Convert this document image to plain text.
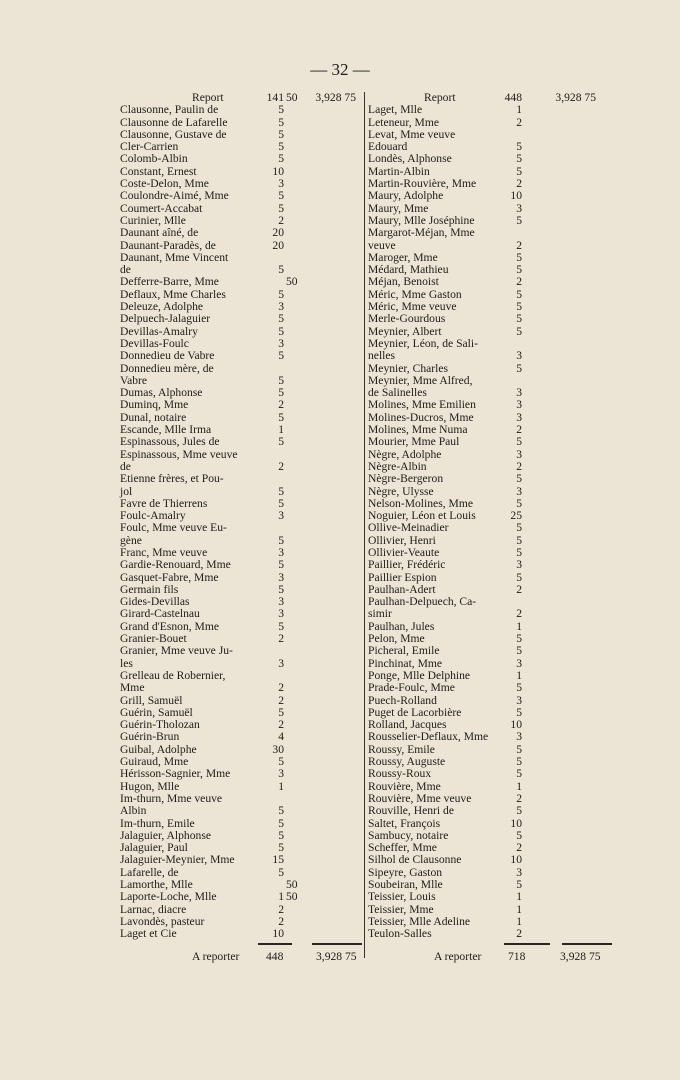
— 32 —
Report	141 50	3,928 75
Clausonne, Paulin de	5
Clausonne de Lafarelle	5
Clausonne, Gustave de	5
Cler-Carrien	5
Colomb-Albin	5
Constant, Ernest	10
Coste-Delon, Mme	3
Coulondre-Aimé, Mme	5
Coumert-Accabat	5
Curinier, Mlle	2
Daunant aîné, de	20
Daunant-Paradès, de	20
Daunant, Mme Vincent
de	5
Defferre-Barre, Mme	50
Deflaux, Mme Charles	5
Deleuze, Adolphe	3
Delpuech-Jalaguier	5
Devillas-Amalry	5
Devillas-Foulc	3
Donnedieu de Vabre	5
Donnedieu mère, de
Vabre	5
Dumas, Alphonse	5
Duminq, Mme	2
Dunal, notaire	5
Escande, Mlle Irma	1
Espinassous, Jules de	5
Espinassous, Mme veuve
de	2
Etienne frères, et Pou-
jol	5
Favre de Thierrens	5
Foulc-Amalry	3
Foulc, Mme veuve Eu-
gène	5
Franc, Mme veuve	3
Gardie-Renouard, Mme	5
Gasquet-Fabre, Mme	3
Germain fils	5
Gides-Devillas	3
Girard-Castelnau	3
Grand d'Esnon, Mme	5
Granier-Bouet	2
Granier, Mme veuve Ju-
les	3
Grelleau de Robernier,
Mme	2
Grill, Samuël	2
Guérin, Samuël	5
Guérin-Tholozan	2
Guérin-Brun	4
Guibal, Adolphe	30
Guiraud, Mme	5
Hérisson-Sagnier, Mme	3
Hugon, Mlle	1
Im-thurn, Mme veuve
Albin	5
Im-thurn, Emile	5
Jalaguier, Alphonse	5
Jalaguier, Paul	5
Jalaguier-Meynier, Mme	15
Lafarelle, de	5
Lamorthe, Mlle	50
Laporte-Loche, Mlle	1 50
Larnac, diacre	2
Lavondès, pasteur	2
Laget et Cie	10
Report	448	3,928 75
Laget, Mlle	1
Leteneur, Mme	2
Levat, Mme veuve
Edouard	5
Londès, Alphonse	5
Martin-Albin	5
Martin-Rouvière, Mme	2
Maury, Adolphe	10
Maury, Mme	3
Maury, Mlle Joséphine	5
Margarot-Méjan, Mme
veuve	2
Maroger, Mme	5
Médard, Mathieu	5
Méjan, Benoist	2
Méric, Mme Gaston	5
Méric, Mme veuve	5
Merle-Gourdous	5
Meynier, Albert	5
Meynier, Léon, de Sali-
nelles	3
Meynier, Charles	5
Meynier, Mme Alfred,
de Salinelles	3
Molines, Mme Emilien	3
Molines-Ducros, Mme	3
Molines, Mme Numa	2
Mourier, Mme Paul	5
Nègre, Adolphe	3
Nègre-Albin	2
Nègre-Bergeron	5
Nègre, Ulysse	3
Nelson-Molines, Mme	5
Noguier, Léon et Louis	25
Ollive-Meinadier	5
Ollivier, Henri	5
Ollivier-Veaute	5
Paillier, Frédéric	3
Paillier Espion	5
Paulhan-Adert	2
Paulhan-Delpuech, Ca-
simir	2
Paulhan, Jules	1
Pelon, Mme	5
Picheral, Emile	5
Pinchinat, Mme	3
Ponge, Mlle Delphine	1
Prade-Foulc, Mme	5
Puech-Rolland	3
Puget de Lacorbière	5
Rolland, Jacques	10
Rousselier-Deflaux, Mme	3
Roussy, Emile	5
Roussy, Auguste	5
Roussy-Roux	5
Rouvière, Mme	1
Rouvière, Mme veuve	2
Rouville, Henri de	5
Saltet, François	10
Sambucy, notaire	5
Scheffer, Mme	2
Silhol de Clausonne	10
Sipeyre, Gaston	3
Soubeiran, Mlle	5
Teissier, Louis	1
Teissier, Mme	1
Teissier, Mlle Adeline	1
Teulon-Salles	2
A reporter 448	3,928 75	A reporter 718	3,928 75
